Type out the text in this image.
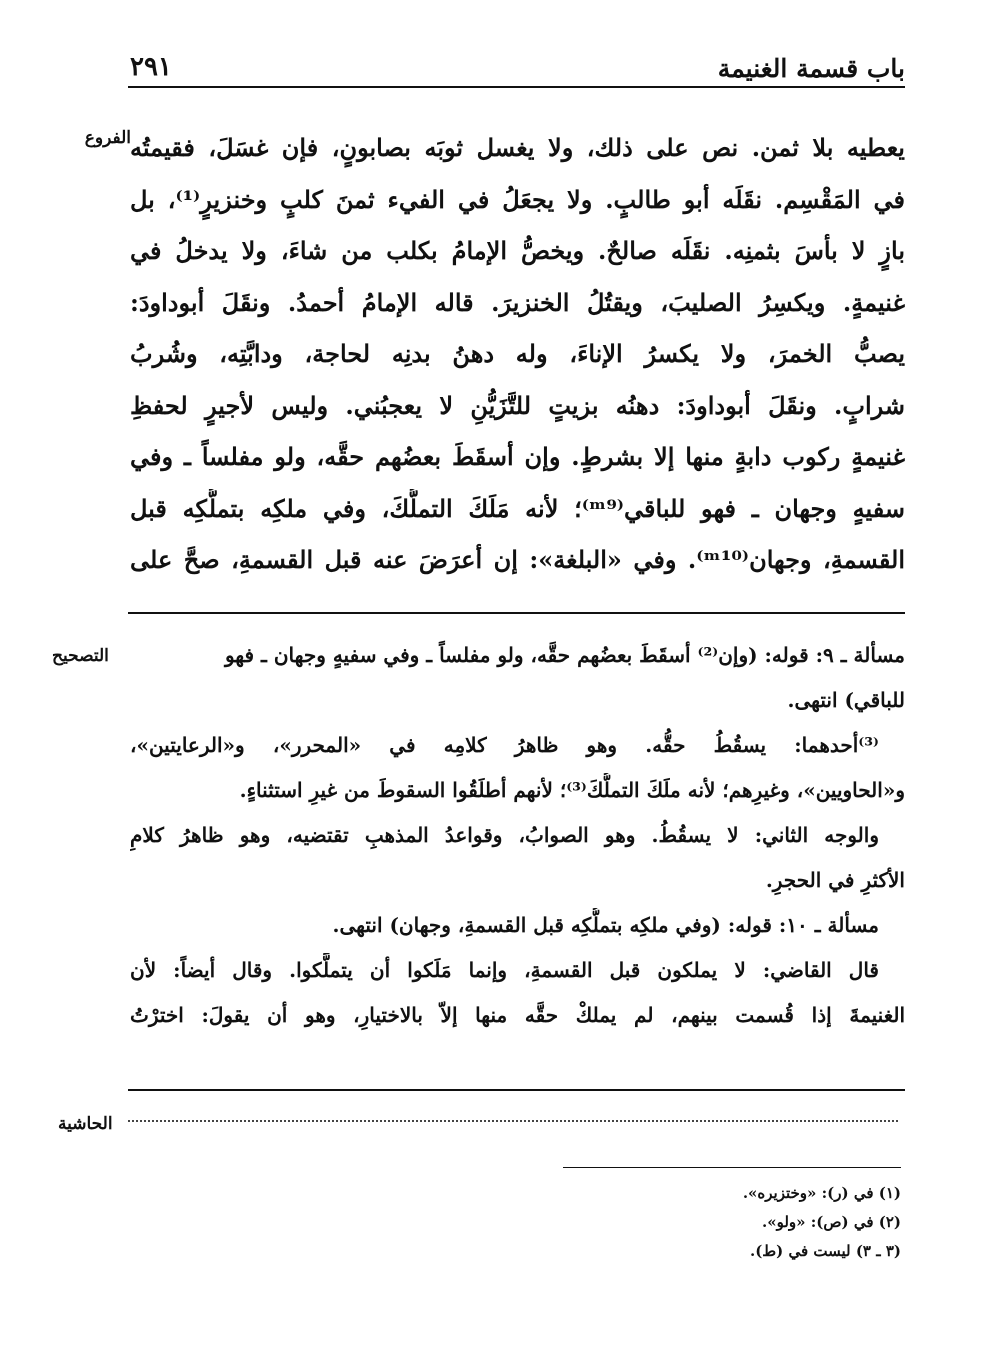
باب قسمة الغنيمة
٢٩١
الفروع يعطيه بلا ثمن. نص على ذلك، ولا يغسل ثوبَه بصابونٍ، فإن غسَلَ، فقيمتُه
في المَقْسِم. نقَلَه أبو طالبٍ. ولا يجعَلُ في الفيء ثمنَ كلبٍ وخنزيرٍ⁽¹⁾، بل
بازٍ لا بأسَ بثمنِه. نقَلَه صالحٌ. ويخصُّ الإمامُ بكلب من شاءَ، ولا يدخلُ في
غنيمةٍ. ويكسِرُ الصليبَ، ويقتُلُ الخنزيرَ. قاله الإمامُ أحمدُ. ونقَلَ أبوداودَ:
يصبُّ الخمرَ، ولا يكسرُ الإناءَ، وله دهنُ بدنِه لحاجة، ودابَّتِه، وشُربُ
شرابٍ. ونقَلَ أبوداودَ: دهنُه بزيتٍ للتَّزَيُّنِ لا يعجبُني. وليس لأجيرٍ لحفظِ
غنيمةٍ ركوب دابةٍ منها إلا بشرطٍ. وإن أسقَطَ بعضُهم حقَّه، ولو مفلساً ـ وفي
سفيهٍ وجهان ـ فهو للباقي⁽ᵐ⁹⁾؛ لأنه مَلَكَ التملُّكَ، وفي ملكِه بتملُّكِه قبل
القسمةِ، وجهان⁽ᵐ¹⁰⁾. وفي «البلغة»: إن أعرَضَ عنه قبل القسمةِ، صحَّ على
التصحيح	مسألة ـ ٩: قوله: (وإن⁽²⁾ أسقَطَ بعضُهم حقَّه، ولو مفلساً ـ وفي سفيهٍ وجهان ـ فهو
للباقي) انتهى.
⁽³⁾أحدهما: يسقُطُ حقُّه. وهو ظاهرُ كلامِه في «المحرر»، و«الرعايتين»،
و«الحاويين»، وغيرِهم؛ لأنه ملَكَ التملُّكَ⁽³⁾؛ لأنهم أطلَقُوا السقوطَ من غيرِ استثناءٍ.
والوجه الثاني: لا يسقُطُ. وهو الصوابُ، وقواعدُ المذهبِ تقتضيه، وهو ظاهرُ كلامِ
الأكثرِ في الحجرِ.
مسألة ـ ١٠: قوله: (وفي ملكِه بتملُّكِه قبل القسمةِ، وجهان) انتهى.
قال القاضي: لا يملكون قبل القسمةِ، وإنما مَلَكوا أن يتملَّكوا. وقال أيضاً: لأن
الغنيمةَ إذا قُسمت بينهم، لم يملكْ حقَّه منها إلاّ بالاختيارِ، وهو أن يقولَ: اخترْتُ
الحاشية
(١) في (ر): «وختزيره».
(٢) في (ص): «ولو».
(٣ ـ ٣) ليست في (ط).
